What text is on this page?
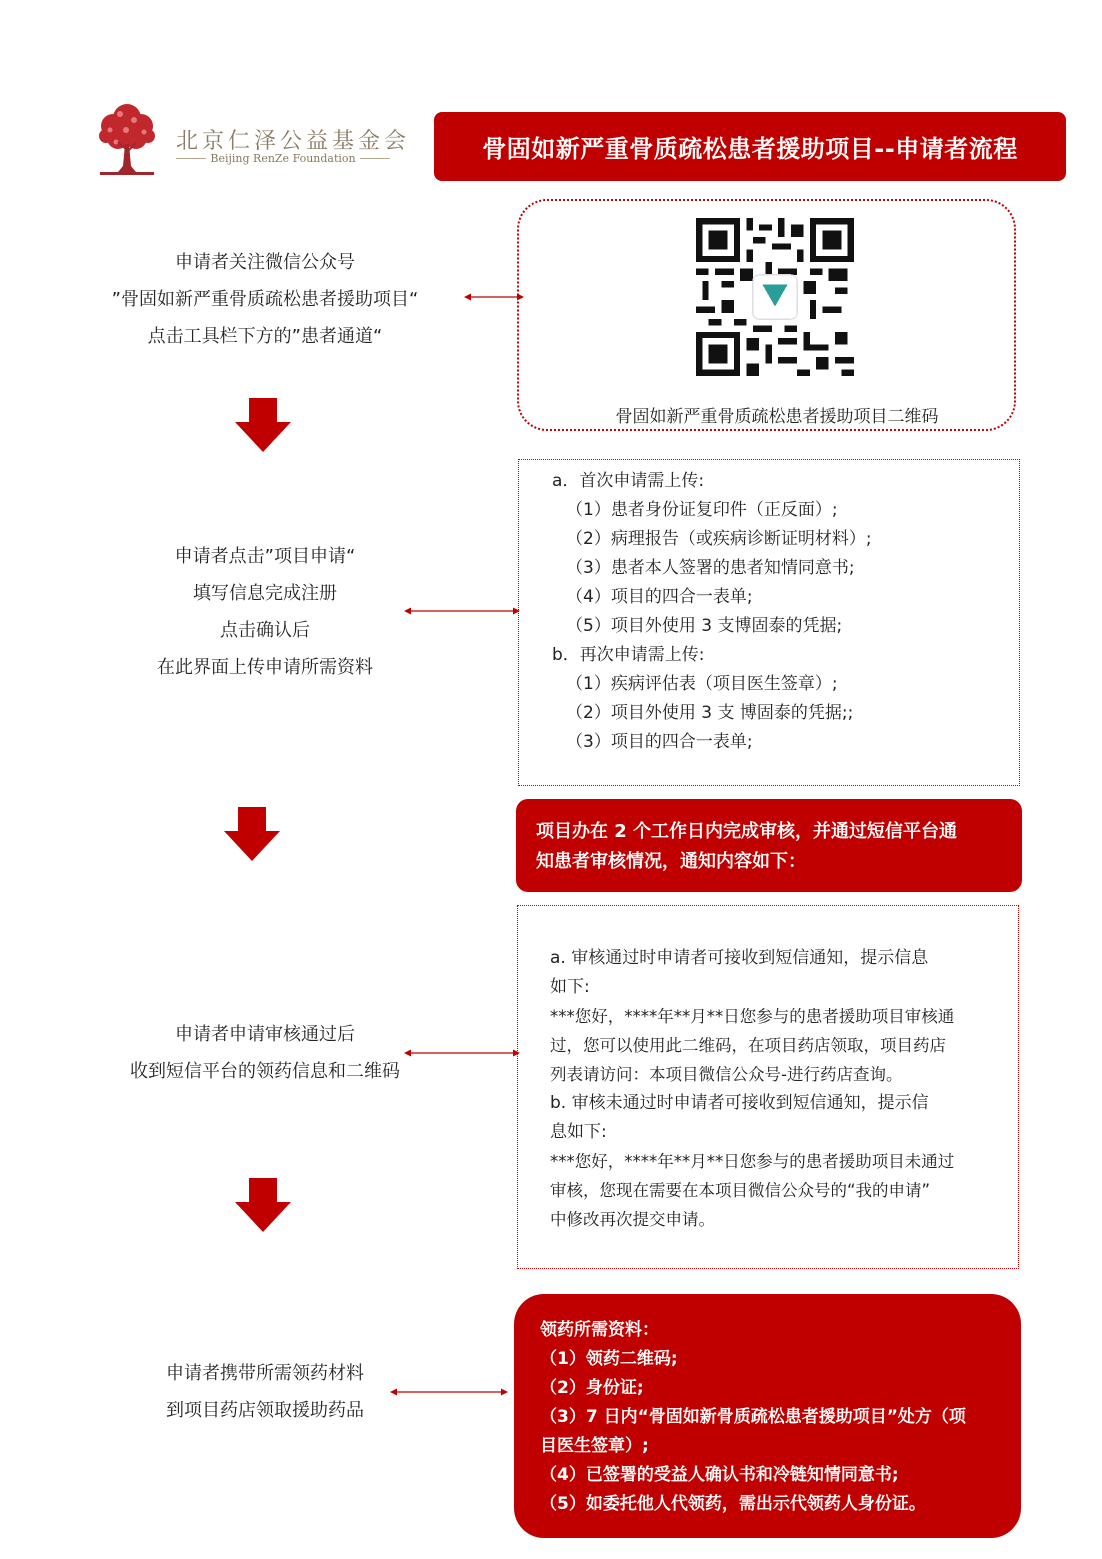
北京仁泽公益基金会
Beijing RenZe Foundation	骨固如新严重骨质疏松患者援助项目--申请者流程
申请者关注微信公众号
”骨固如新严重骨质疏松患者援助项目“
点击工具栏下方的”患者通道“
骨固如新严重骨质疏松患者援助项目二维码
申请者点击”项目申请“
填写信息完成注册
点击确认后
在此界面上传申请所需资料
a．首次申请需上传:
（1）患者身份证复印件（正反面）;
（2）病理报告（或疾病诊断证明材料）;
（3）患者本人签署的患者知情同意书;
（4）项目的四合一表单;
（5）项目外使用 3 支博固泰的凭据;
b．再次申请需上传:
（1）疾病评估表（项目医生签章）;
（2）项目外使用 3 支 博固泰的凭据;;
（3）项目的四合一表单;
项目办在 2 个工作日内完成审核，并通过短信平台通
知患者审核情况，通知内容如下：
申请者申请审核通过后
收到短信平台的领药信息和二维码
a. 审核通过时申请者可接收到短信通知，提示信息
如下:
***您好，****年**月**日您参与的患者援助项目审核通
过，您可以使用此二维码，在项目药店领取，项目药店
列表请访问：本项目微信公众号-进行药店查询。
b. 审核未通过时申请者可接收到短信通知，提示信
息如下:
***您好，****年**月**日您参与的患者援助项目未通过
审核，您现在需要在本项目微信公众号的“我的申请”
中修改再次提交申请。
申请者携带所需领药材料
到项目药店领取援助药品
领药所需资料：
（1）领药二维码;
（2）身份证;
（3）7 日内“骨固如新骨质疏松患者援助项目”处方（项
目医生签章）;
（4）已签署的受益人确认书和冷链知情同意书;
（5）如委托他人代领药，需出示代领药人身份证。
